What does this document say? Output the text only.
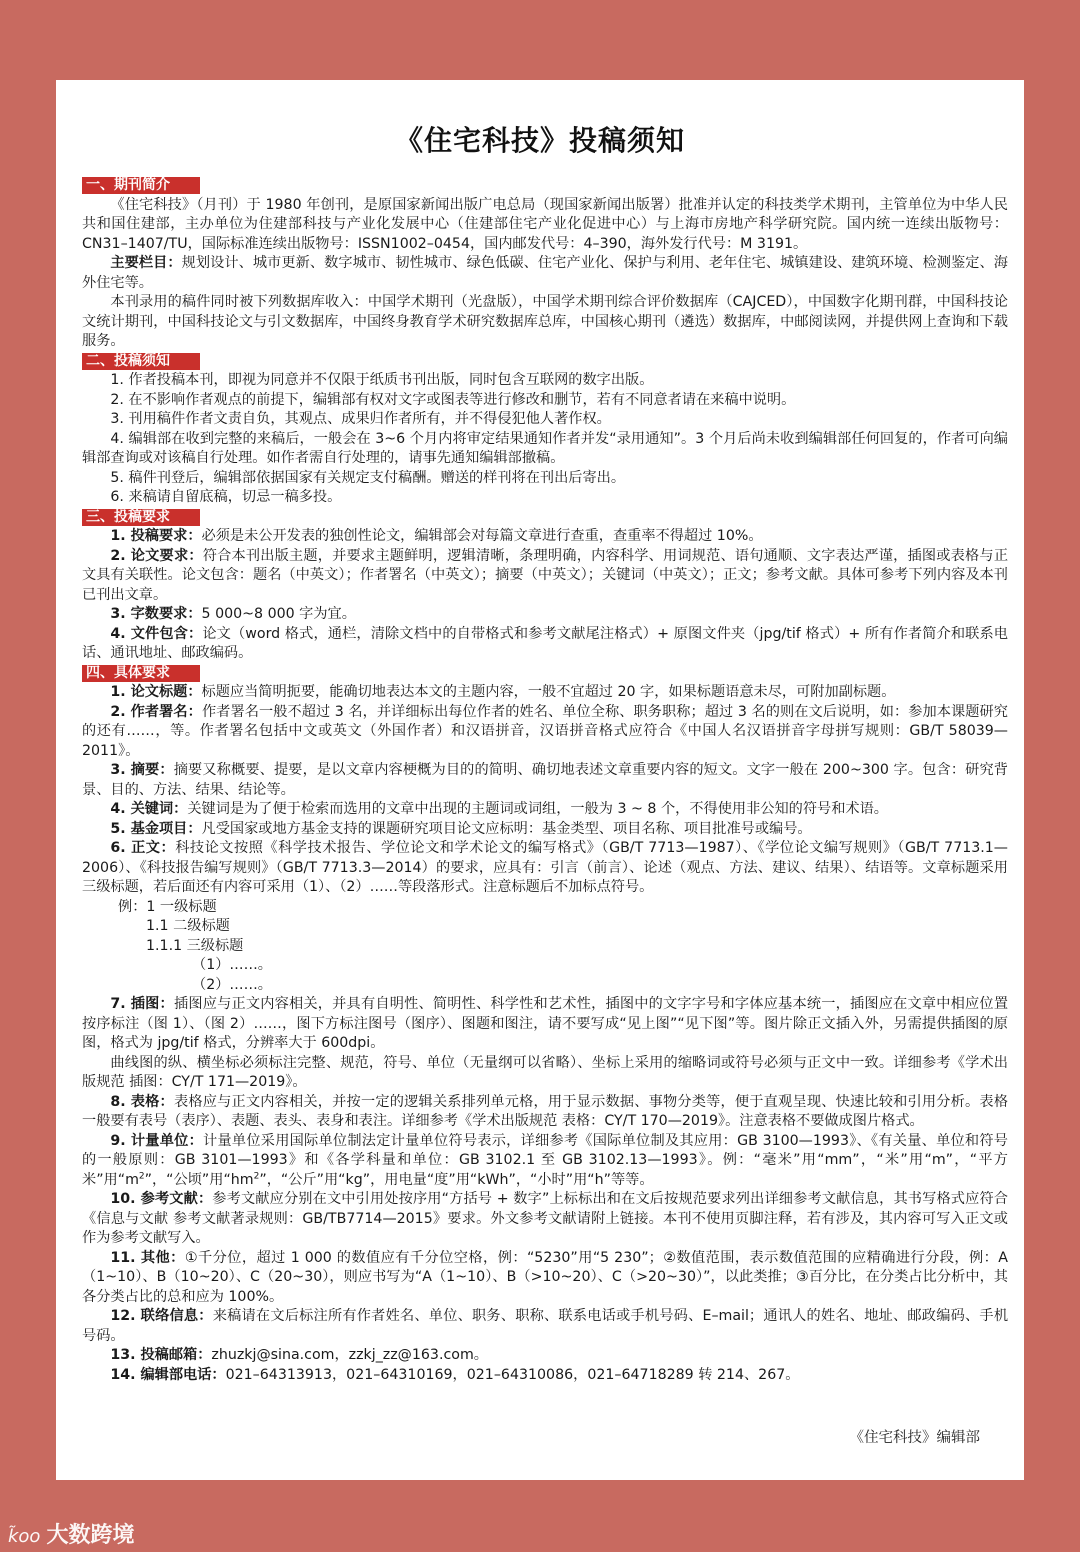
《住宅科技》投稿须知
一、期刊简介

《住宅科技》（月刊）于 1980 年创刊，是原国家新闻出版广电总局（现国家新闻出版署）批准并认定的科技类学术期刊，主管单位为中华人民共和国住建部，主办单位为住建部科技与产业化发展中心（住建部住宅产业化促进中心）与上海市房地产科学研究院。国内统一连续出版物号：CN31–1407/TU，国际标准连续出版物号：ISSN1002–0454，国内邮发代号：4–390，海外发行代号：M 3191。

主要栏目：规划设计、城市更新、数字城市、韧性城市、绿色低碳、住宅产业化、保护与利用、老年住宅、城镇建设、建筑环境、检测鉴定、海外住宅等。

本刊录用的稿件同时被下列数据库收入：中国学术期刊（光盘版），中国学术期刊综合评价数据库（CAJCED），中国数字化期刊群，中国科技论文统计期刊，中国科技论文与引文数据库，中国终身教育学术研究数据库总库，中国核心期刊（遴选）数据库，中邮阅读网，并提供网上查询和下载服务。

二、投稿须知

1. 作者投稿本刊，即视为同意并不仅限于纸质书刊出版，同时包含互联网的数字出版。

2. 在不影响作者观点的前提下，编辑部有权对文字或图表等进行修改和删节，若有不同意者请在来稿中说明。

3. 刊用稿件作者文责自负，其观点、成果归作者所有，并不得侵犯他人著作权。

4. 编辑部在收到完整的来稿后，一般会在 3~6 个月内将审定结果通知作者并发“录用通知”。3 个月后尚未收到编辑部任何回复的，作者可向编辑部查询或对该稿自行处理。如作者需自行处理的，请事先通知编辑部撤稿。

5. 稿件刊登后，编辑部依据国家有关规定支付稿酬。赠送的样刊将在刊出后寄出。

6. 来稿请自留底稿，切忌一稿多投。

三、投稿要求

1. 投稿要求：必须是未公开发表的独创性论文，编辑部会对每篇文章进行查重，查重率不得超过 10%。

2. 论文要求：符合本刊出版主题，并要求主题鲜明，逻辑清晰，条理明确，内容科学、用词规范、语句通顺、文字表达严谨，插图或表格与正文具有关联性。论文包含：题名（中英文）；作者署名（中英文）；摘要（中英文）；关键词（中英文）；正文；参考文献。具体可参考下列内容及本刊已刊出文章。

3. 字数要求：5 000~8 000 字为宜。

4. 文件包含：论文（word 格式，通栏，清除文档中的自带格式和参考文献尾注格式）+ 原图文件夹（jpg/tif 格式）+ 所有作者简介和联系电话、通讯地址、邮政编码。

四、具体要求

1. 论文标题：标题应当简明扼要，能确切地表达本文的主题内容，一般不宜超过 20 字，如果标题语意未尽，可附加副标题。

2. 作者署名：作者署名一般不超过 3 名，并详细标出每位作者的姓名、单位全称、职务职称；超过 3 名的则在文后说明，如：参加本课题研究的还有……，等。作者署名包括中文或英文（外国作者）和汉语拼音，汉语拼音格式应符合《中国人名汉语拼音字母拼写规则：GB/T 58039—2011》。

3. 摘要：摘要又称概要、提要，是以文章内容梗概为目的的简明、确切地表述文章重要内容的短文。文字一般在 200~300 字。包含：研究背景、目的、方法、结果、结论等。

4. 关键词：关键词是为了便于检索而选用的文章中出现的主题词或词组，一般为 3 ~ 8 个，不得使用非公知的符号和术语。

5. 基金项目：凡受国家或地方基金支持的课题研究项目论文应标明：基金类型、项目名称、项目批准号或编号。

6. 正文：科技论文按照《科学技术报告、学位论文和学术论文的编写格式》（GB/T 7713—1987）、《学位论文编写规则》（GB/T 7713.1—2006）、《科技报告编写规则》（GB/T 7713.3—2014）的要求，应具有：引言（前言）、论述（观点、方法、建议、结果）、结语等。文章标题采用三级标题，若后面还有内容可采用（1）、（2）……等段落形式。注意标题后不加标点符号。

例：1 一级标题

1.1 二级标题

1.1.1 三级标题

（1）……。

（2）……。

7. 插图：插图应与正文内容相关，并具有自明性、简明性、科学性和艺术性，插图中的文字字号和字体应基本统一，插图应在文章中相应位置按序标注（图 1）、（图 2）……，图下方标注图号（图序）、图题和图注，请不要写成“见上图”“见下图”等。图片除正文插入外，另需提供插图的原图，格式为 jpg/tif 格式，分辨率大于 600dpi。

曲线图的纵、横坐标必须标注完整、规范，符号、单位（无量纲可以省略）、坐标上采用的缩略词或符号必须与正文中一致。详细参考《学术出版规范 插图：CY/T 171—2019》。

8. 表格：表格应与正文内容相关，并按一定的逻辑关系排列单元格，用于显示数据、事物分类等，便于直观呈现、快速比较和引用分析。表格一般要有表号（表序）、表题、表头、表身和表注。详细参考《学术出版规范 表格：CY/T 170—2019》。注意表格不要做成图片格式。

9. 计量单位：计量单位采用国际单位制法定计量单位符号表示，详细参考《国际单位制及其应用：GB 3100—1993》、《有关量、单位和符号的一般原则：GB 3101—1993》和《各学科量和单位：GB 3102.1 至 GB 3102.13—1993》。例：“毫米”用“mm”，“米”用“m”，“平方米”用“$m^2$”，“公顷”用“$hm^2$”，“公斤”用“kg”，用电量“度”用“kWh”，“小时”用“h”等等。

10. 参考文献：参考文献应分别在文中引用处按序用“方括号 + 数字”上标标出和在文后按规范要求列出详细参考文献信息，其书写格式应符合《信息与文献 参考文献著录规则：GB/TB7714—2015》要求。外文参考文献请附上链接。本刊不使用页脚注释，若有涉及，其内容可写入正文或作为参考文献写入。

11. 其他：①千分位，超过 1 000 的数值应有千分位空格，例：“5230”用“5 230”；②数值范围，表示数值范围的应精确进行分段，例：A（1~10）、B（10~20）、C（20~30），则应书写为“A（1~10）、B（>10~20）、C（>20~30）”，以此类推；③百分比，在分类占比分析中，其各分类占比的总和应为 100%。

12. 联络信息：来稿请在文后标注所有作者姓名、单位、职务、职称、联系电话或手机号码、E–mail；通讯人的姓名、地址、邮政编码、手机号码。

13. 投稿邮箱：zhuzkj@sina.com，zzkj_zz@163.com。

14. 编辑部电话：021–64313913，021–64310169，021–64310086，021–64718289 转 214、267。

《住宅科技》编辑部
k̃oo 大数跨境
